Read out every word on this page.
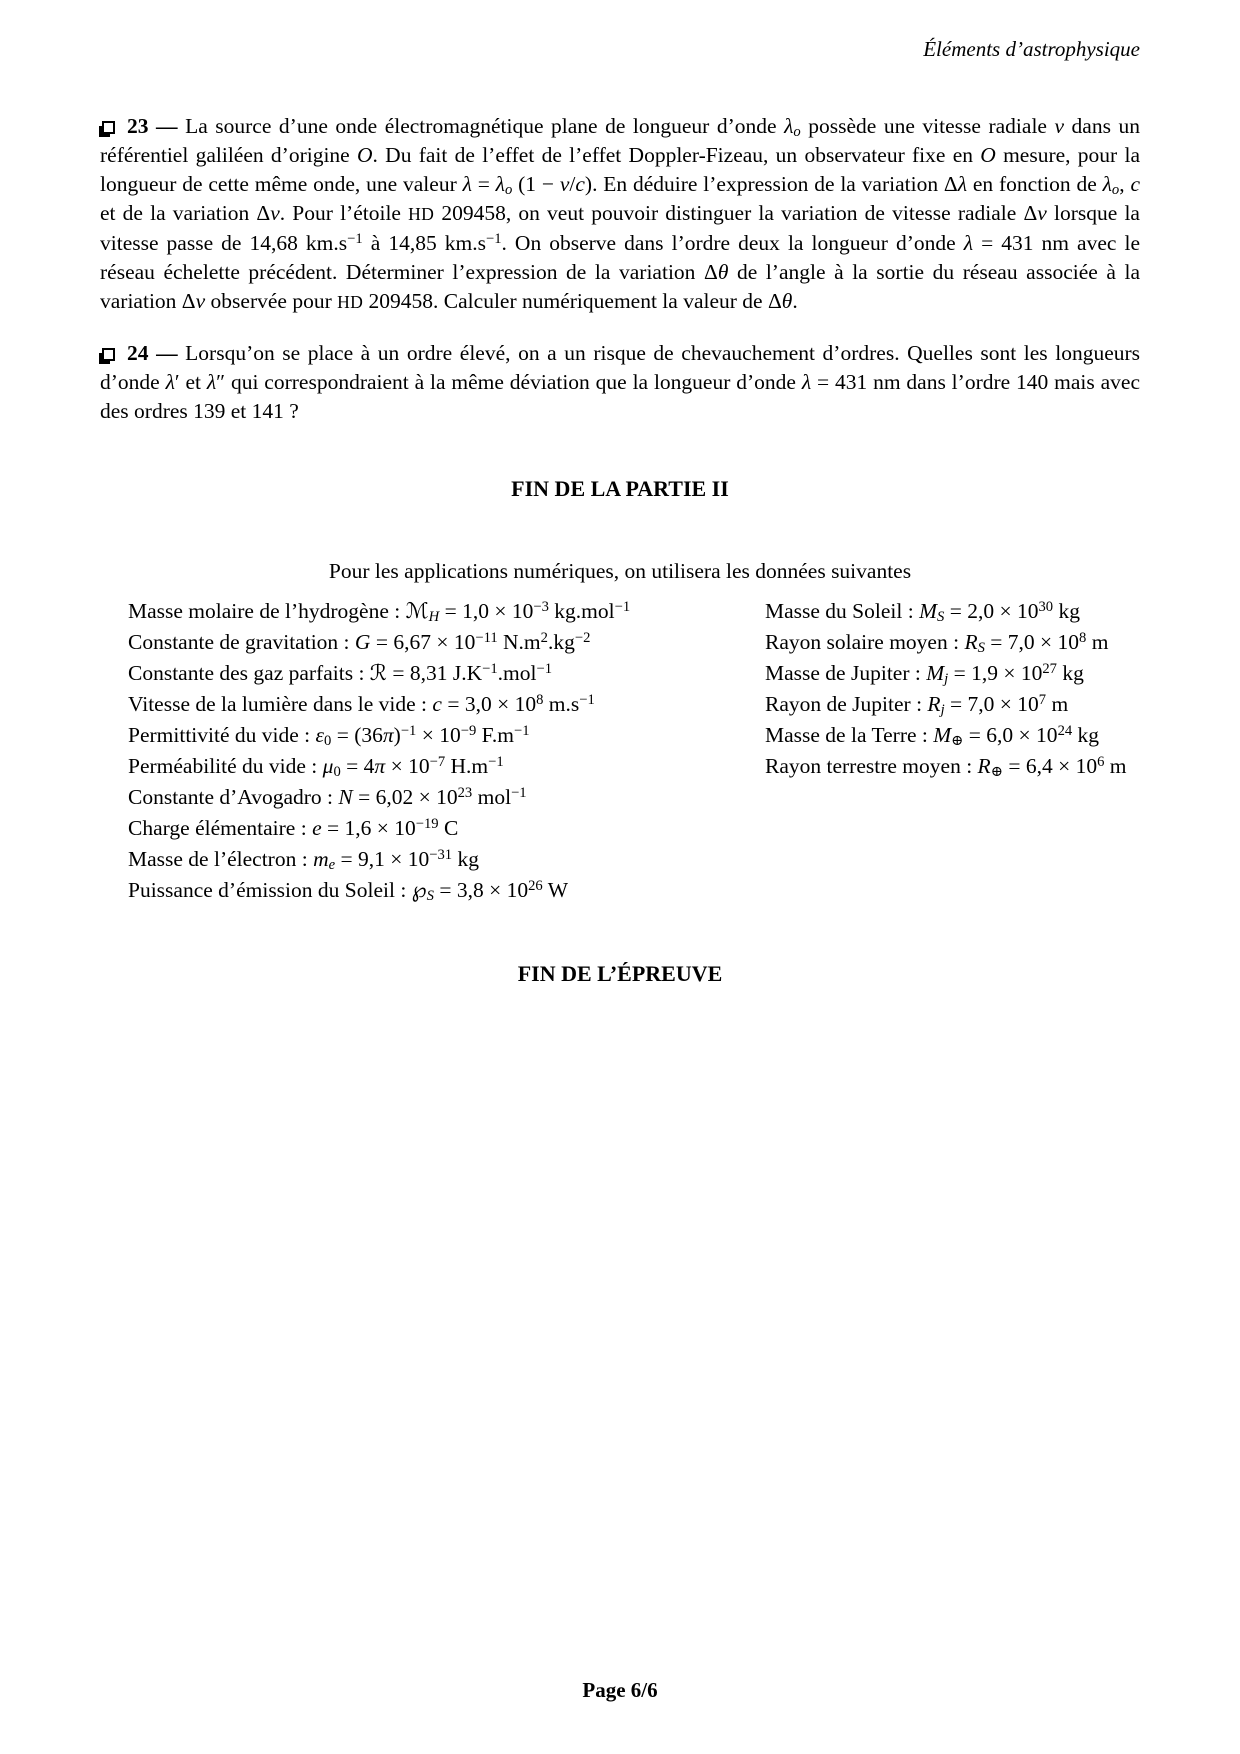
Éléments d’astrophysique

23 — La source d’une onde électromagnétique plane de longueur d’onde $\lambda_o$ possède une vitesse radiale v dans un référentiel galiléen d’origine O. Du fait de l’effet de l’effet Doppler-Fizeau, un observateur fixe en O mesure, pour la longueur de cette même onde, une valeur $\lambda = \lambda_o$ (1 − v/c). En déduire l’expression de la variation Δλ en fonction de $\lambda_o$, c et de la variation Δv. Pour l’étoile HD 209458, on veut pouvoir distinguer la variation de vitesse radiale Δv lorsque la vitesse passe de 14,68 $km.s^{-1}$ à 14,85 $km.s^{-1}$. On observe dans l’ordre deux la longueur d’onde λ = 431 nm avec le réseau échelette précédent. Déterminer l’expression de la variation Δθ de l’angle à la sortie du réseau associée à la variation Δv observée pour HD 209458. Calculer numériquement la valeur de Δθ.

24 — Lorsqu’on se place à un ordre élevé, on a un risque de chevauchement d’ordres. Quelles sont les longueurs d’onde λ′ et λ″ qui correspondraient à la même déviation que la longueur d’onde λ = 431 nm dans l’ordre 140 mais avec des ordres 139 et 141 ?

FIN DE LA PARTIE II
Pour les applications numériques, on utilisera les données suivantes
Masse molaire de l’hydrogène : ℳ$_H$ = $1,0 \times 10^{-3}$ kg.mol$^{-1}$
Constante de gravitation : $G = 6,67 \times 10^{-11}$ $N.m^2.kg^{-2}$
Constante des gaz parfaits : ℛ = 8,31 $J.K^{-1}.mol^{-1}$
Vitesse de la lumière dans le vide : $c = 3,0 \times 10^8$ $m.s^{-1}$
Permittivité du vide : $\varepsilon_0 = (36\pi)^{-1} \times 10^{-9}$ $F.m^{-1}$
Perméabilité du vide : $\mu_0 = 4\pi \times 10^{-7}$ $H.m^{-1}$
Constante d’Avogadro : $N = 6,02 \times 10^{23}$ mol$^{-1}$
Charge élémentaire : $e = 1,6 \times 10^{-19}$ C
Masse de l’électron : $m_e = 9,1 \times 10^{-31}$ kg
Puissance d’émission du Soleil : $℘_S = 3,8 \times 10^{26}$ W
Masse du Soleil : $M_S = 2,0 \times 10^{30}$ kg
Rayon solaire moyen : $R_S = 7,0 \times 10^8$ m
Masse de Jupiter : $M_j = 1,9 \times 10^{27}$ kg
Rayon de Jupiter : $R_j = 7,0 \times 10^7$ m
Masse de la Terre : $M_\oplus = 6,0 \times 10^{24}$ kg
Rayon terrestre moyen : $R_\oplus = 6,4 \times 10^6$ m
FIN DE L’ÉPREUVE
Page 6/6
